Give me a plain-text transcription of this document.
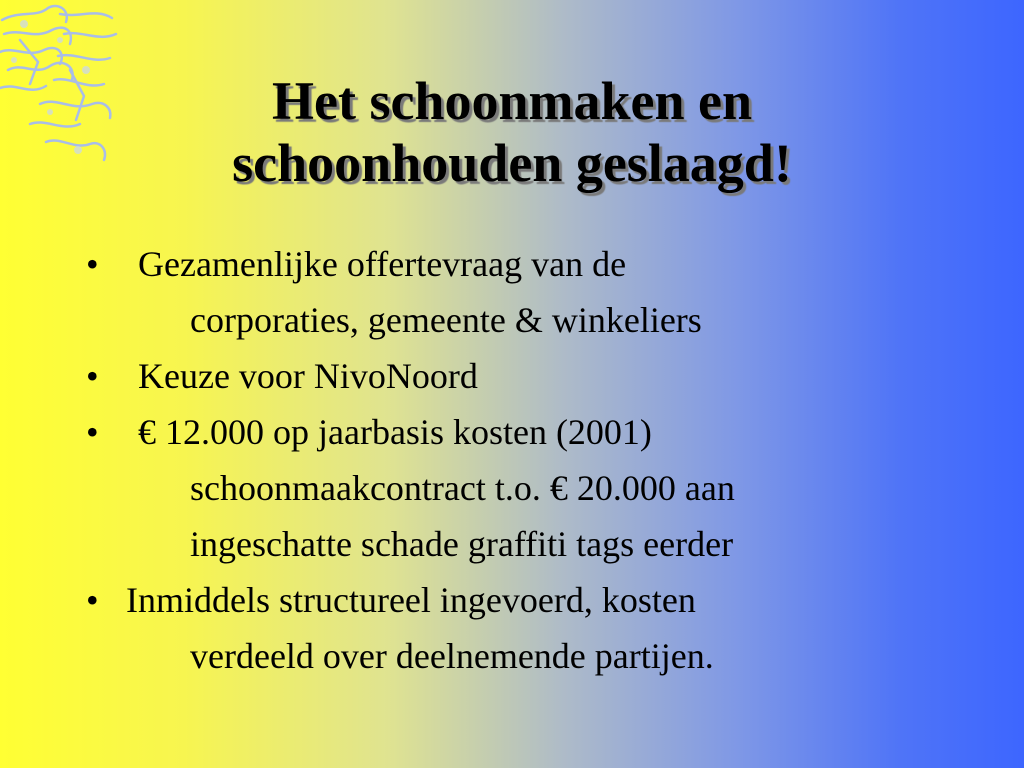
Het schoonmaken en
schoonhouden geslaagd!
•	Gezamenlijke offertevraag van de
corporaties, gemeente & winkeliers
•	Keuze voor NivoNoord
•	€ 12.000 op jaarbasis kosten (2001)
schoonmaakcontract t.o. € 20.000 aan
ingeschatte schade graffiti tags eerder
• Inmiddels structureel ingevoerd, kosten
verdeeld over deelnemende partijen.
